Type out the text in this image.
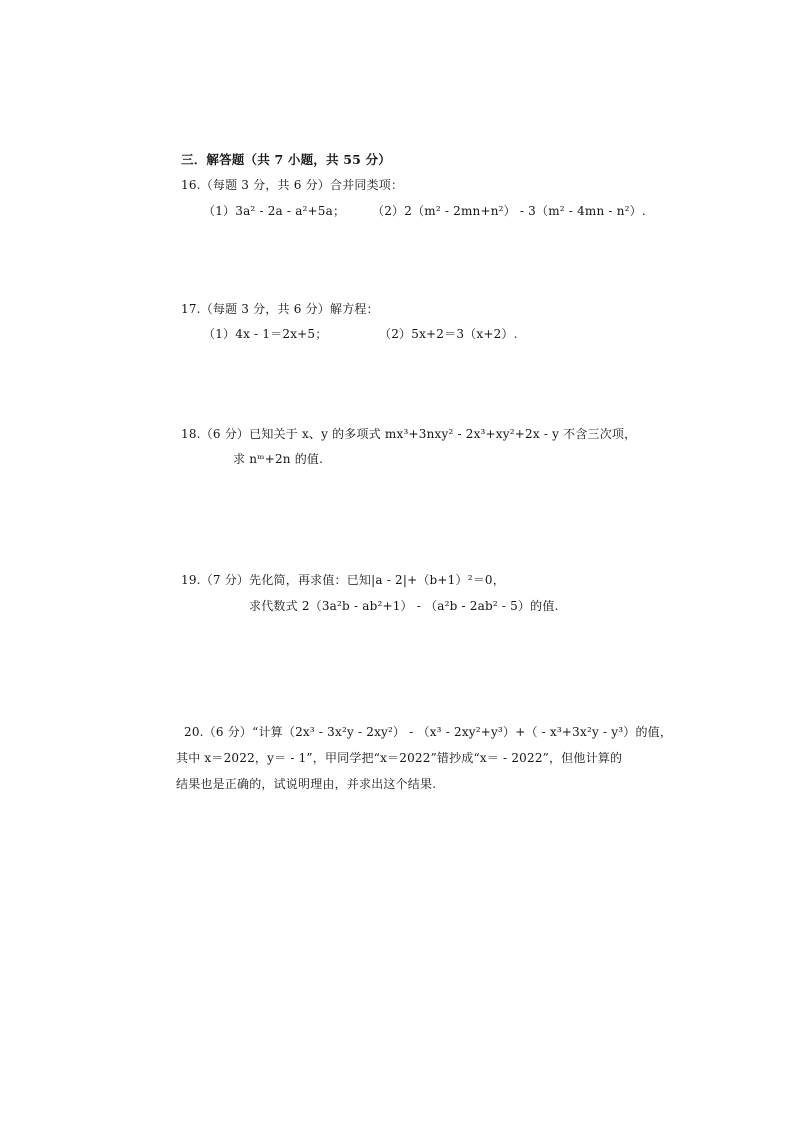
三．解答题（共 7 小题，共 55 分）
16.（每题 3 分，共 6 分）合并同类项：
（1）3a² - 2a - a²+5a； （2）2（m² - 2mn+n²） - 3（m² - 4mn - n²）.
17.（每题 3 分，共 6 分）解方程：
（1）4x - 1＝2x+5；	（2）5x+2＝3（x+2）.
18.（6 分）已知关于 x、y 的多项式 mx³+3nxy² - 2x³+xy²+2x - y 不含三次项，
求 nᵐ+2n 的值.
19.（7 分）先化简，再求值：已知|a - 2|+（b+1）²＝0，
求代数式 2（3a²b - ab²+1） - （a²b - 2ab² - 5）的值.
20.（6 分）“计算（2x³ - 3x²y - 2xy²） - （x³ - 2xy²+y³）+（ - x³+3x²y - y³）的值，
其中 x＝2022，y＝ - 1”，甲同学把“x＝2022”错抄成“x＝ - 2022”，但他计算的
结果也是正确的，试说明理由，并求出这个结果.
